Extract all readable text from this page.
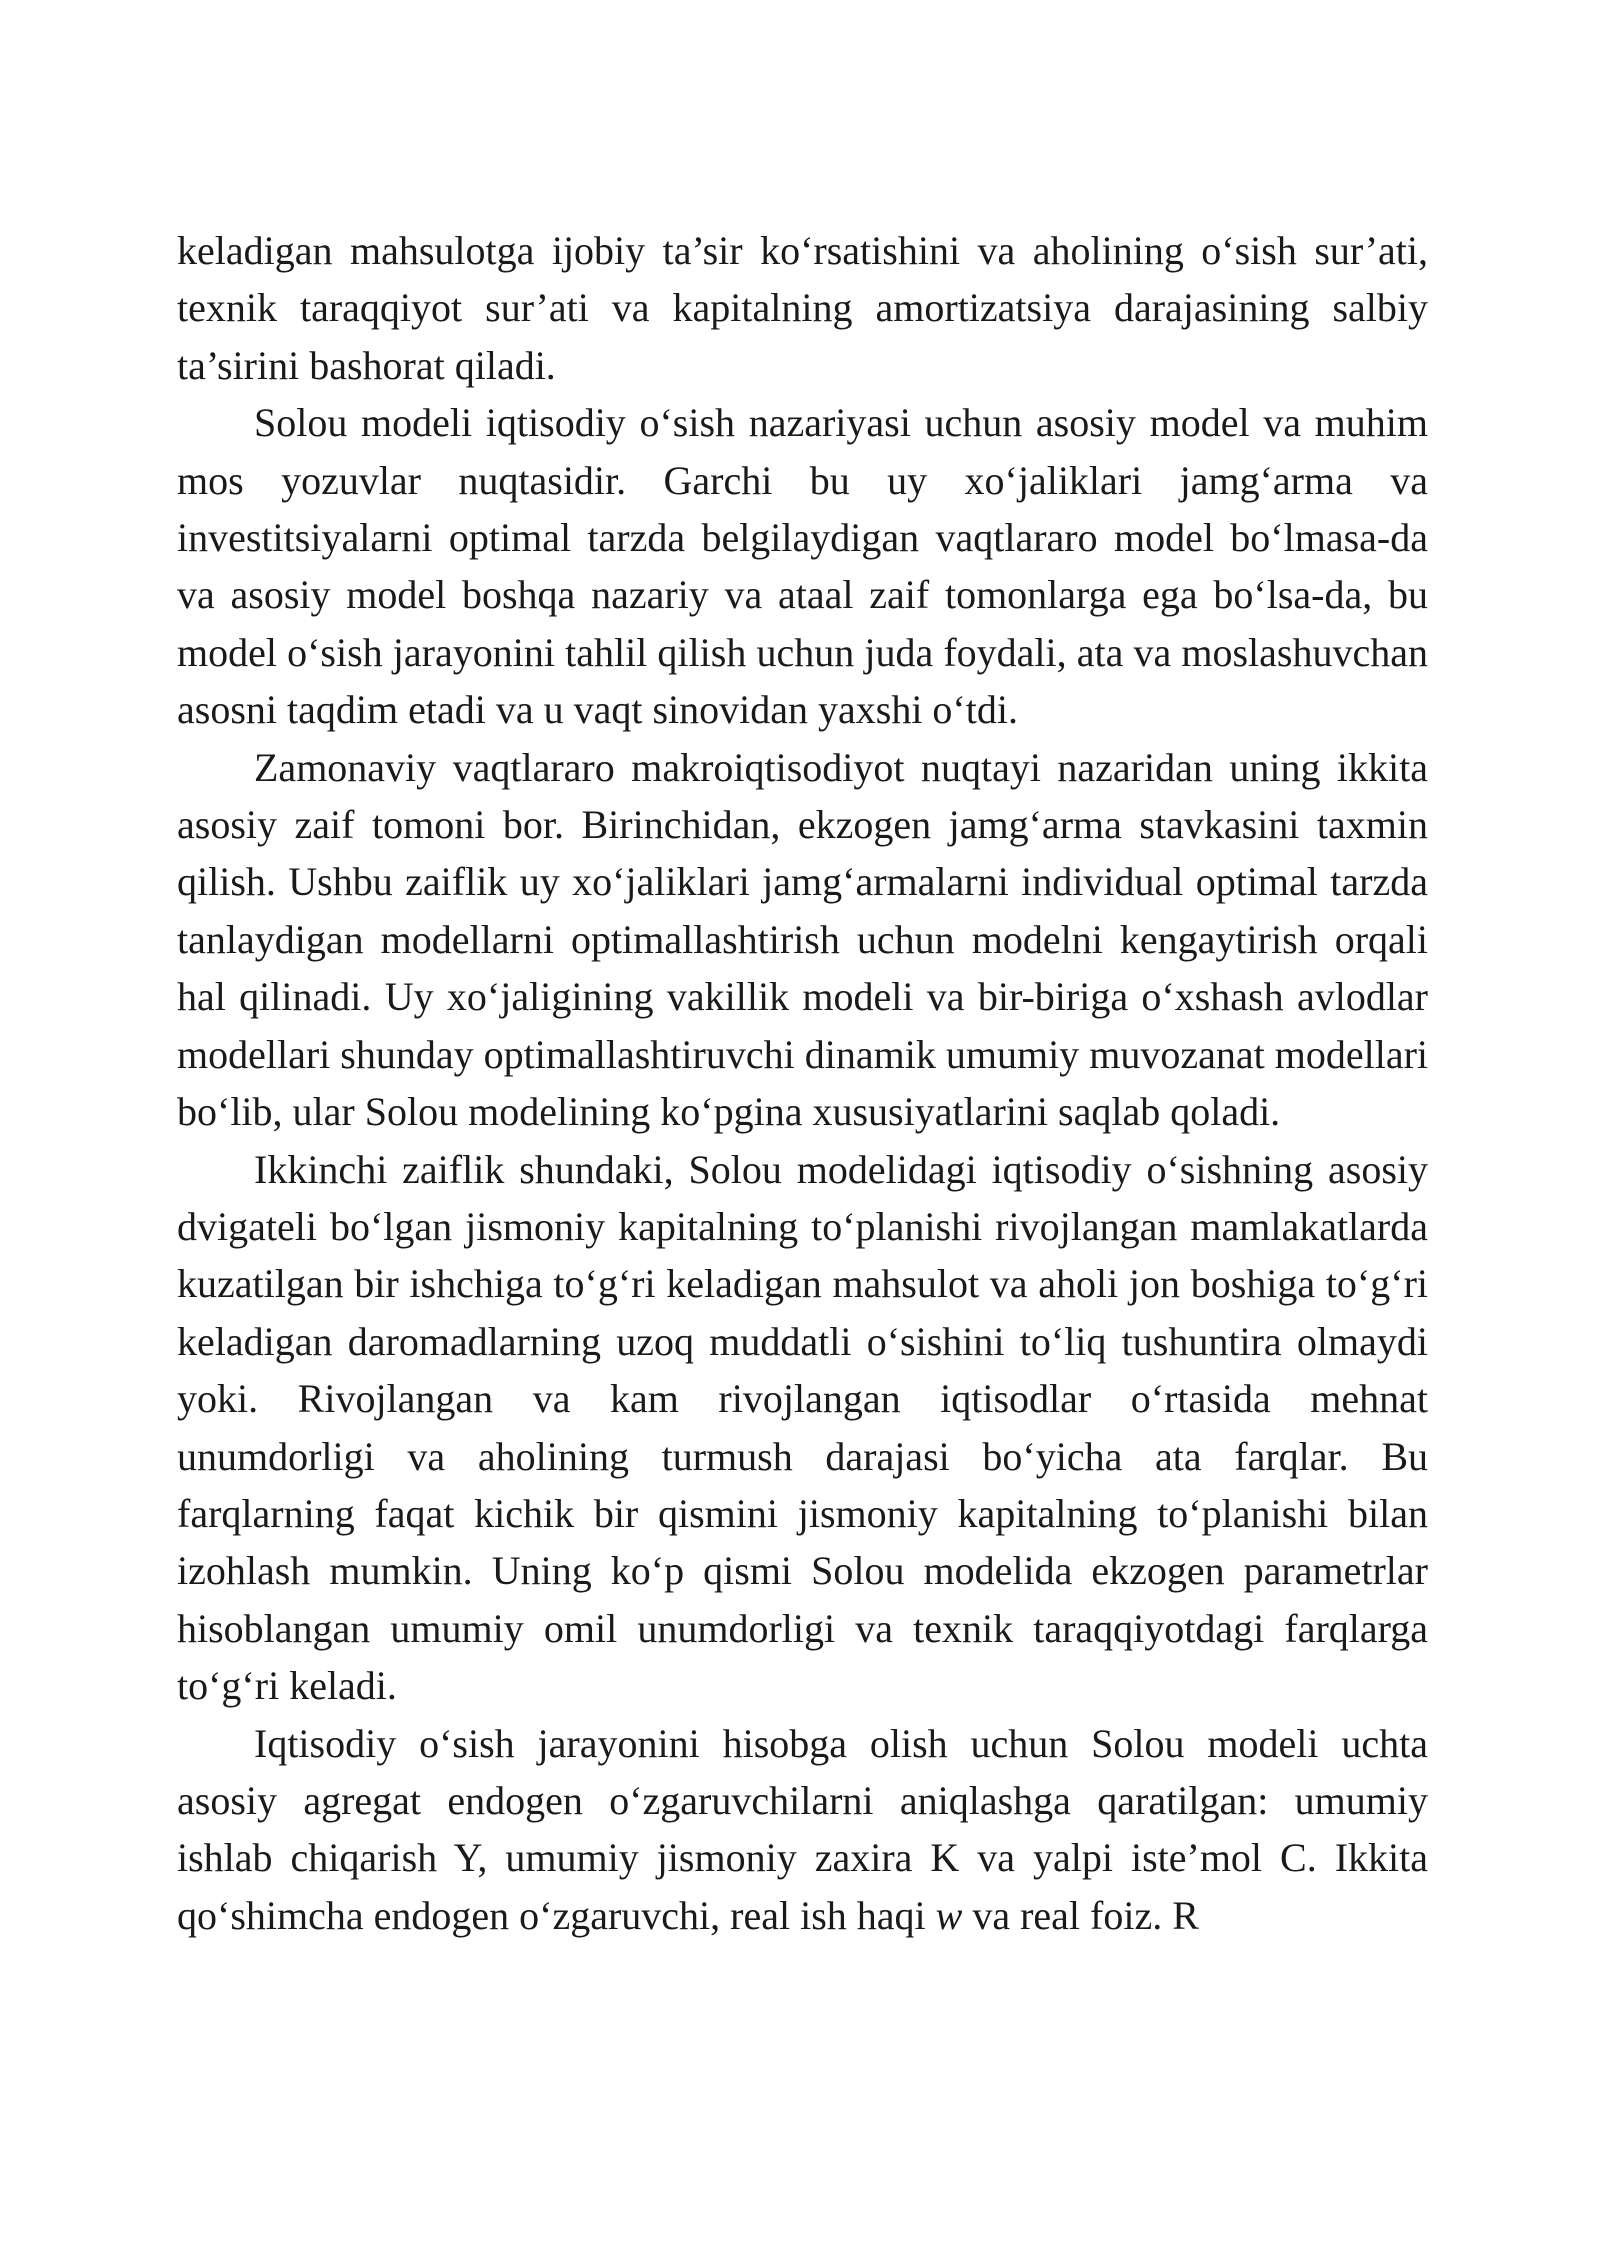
keladigan mahsulotga ijobiy ta’sir ko‘rsatishini va aholining o‘sish sur’ati, texnik taraqqiyot sur’ati va kapitalning amortizatsiya darajasining salbiy ta’sirini bashorat qiladi.

Solou modeli iqtisodiy o‘sish nazariyasi uchun asosiy model va muhim mos yozuvlar nuqtasidir. Garchi bu uy xo‘jaliklari jamg‘arma va investitsiyalarni optimal tarzda belgilaydigan vaqtlararo model bo‘lmasa-da va asosiy model boshqa nazariy va ataal zaif tomonlarga ega bo‘lsa-da, bu model o‘sish jarayonini tahlil qilish uchun juda foydali, ata va moslashuvchan asosni taqdim etadi va u vaqt sinovidan yaxshi o‘tdi.

Zamonaviy vaqtlararo makroiqtisodiyot nuqtayi nazaridan uning ikkita asosiy zaif tomoni bor. Birinchidan, ekzogen jamg‘arma stavkasini taxmin qilish. Ushbu zaiflik uy xo‘jaliklari jamg‘armalarni individual optimal tarzda tanlaydigan modellarni optimallashtirish uchun modelni kengaytirish orqali hal qilinadi. Uy xo‘jaligining vakillik modeli va bir-biriga o‘xshash avlodlar modellari shunday optimallashtiruvchi dinamik umumiy muvozanat modellari bo‘lib, ular Solou modelining ko‘pgina xususiyatlarini saqlab qoladi.

Ikkinchi zaiflik shundaki, Solou modelidagi iqtisodiy o‘sishning asosiy dvigateli bo‘lgan jismoniy kapitalning to‘planishi rivojlangan mamlakatlarda kuzatilgan bir ishchiga to‘g‘ri keladigan mahsulot va aholi jon boshiga to‘g‘ri keladigan daromadlarning uzoq muddatli o‘sishini to‘liq tushuntira olmaydi yoki. Rivojlangan va kam rivojlangan iqtisodlar o‘rtasida mehnat unumdorligi va aholining turmush darajasi bo‘yicha ata farqlar. Bu farqlarning faqat kichik bir qismini jismoniy kapitalning to‘planishi bilan izohlash mumkin. Uning ko‘p qismi Solou modelida ekzogen parametrlar hisoblangan umumiy omil unumdorligi va texnik taraqqiyotdagi farqlarga to‘g‘ri keladi.

Iqtisodiy o‘sish jarayonini hisobga olish uchun Solou modeli uchta asosiy agregat endogen o‘zgaruvchilarni aniqlashga qaratilgan: umumiy ishlab chiqarish Y, umumiy jismoniy zaxira K va yalpi iste’mol C. Ikkita qo‘shimcha endogen o‘zgaruvchi, real ish haqi w va real foiz. R
